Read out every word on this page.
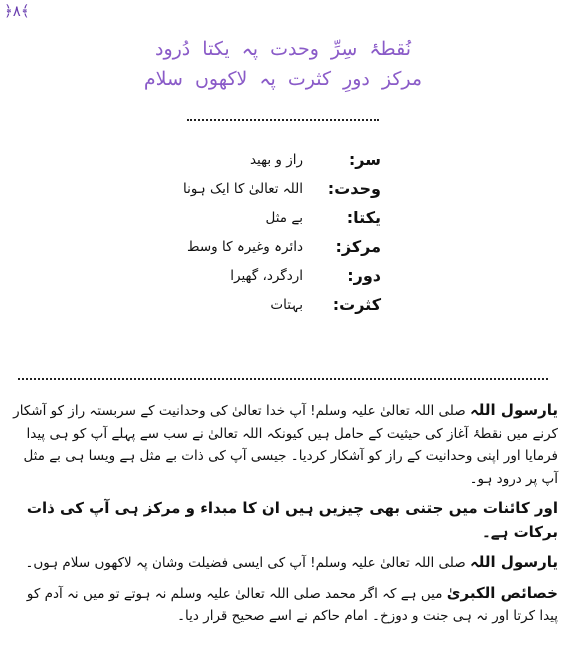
﴿۸﴾
نُقطۂ سِرِّ وحدت پہ یکتا دُرود
مرکز دورِ کثرت پہ لاکھوں سلام
سر:
راز و بھید
وحدت:
اللہ تعالیٰ کا ایک ہونا
یکتا:
بے مثل
مرکز:
دائرہ وغیرہ کا وسط
دور:
اردگرد، گھیرا
کثرت:
بہتات

یارسول اللہ صلی اللہ تعالیٰ علیہ وسلم! آپ خدا تعالیٰ کی وحدانیت کے سربستہ راز کو آشکار کرنے میں نقطۂ آغاز کی حیثیت کے حامل ہیں کیونکہ اللہ تعالیٰ نے سب سے پہلے آپ کو ہی پیدا فرمایا اور اپنی وحدانیت کے راز کو آشکار کردیا۔ جیسی آپ کی ذات بے مثل ہے ویسا ہی بے مثل آپ پر درود ہو۔

اور کائنات میں جتنی بھی چیزیں ہیں ان کا مبداء و مرکز ہی آپ کی ذات برکات ہے۔

یارسول اللہ صلی اللہ تعالیٰ علیہ وسلم! آپ کی ایسی فضیلت وشان پہ لاکھوں سلام ہوں۔

خصائص الکبریٰ میں ہے کہ اگر محمد صلی اللہ تعالیٰ علیہ وسلم نہ ہوتے تو میں نہ آدم کو پیدا کرتا اور نہ ہی جنت و دوزخ۔ امام حاکم نے اسے صحیح قرار دیا۔
